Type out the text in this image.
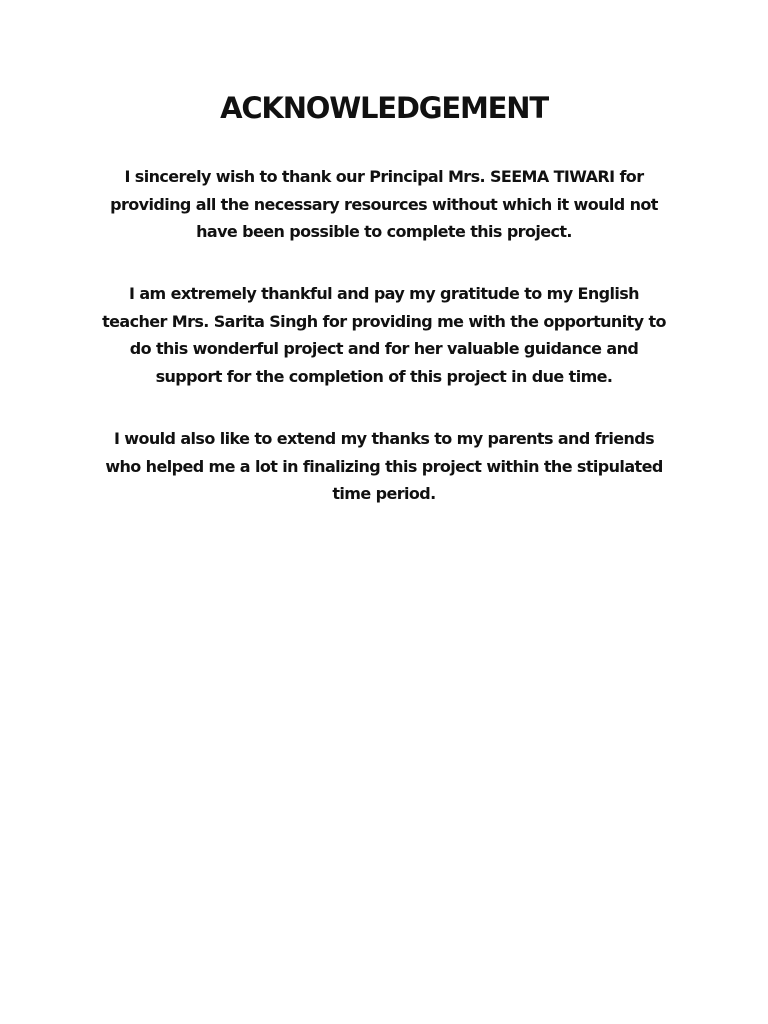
ACKNOWLEDGEMENT

I sincerely wish to thank our Principal Mrs. SEEMA TIWARI for providing all the necessary resources without which it would not have been possible to complete this project.

I am extremely thankful and pay my gratitude to my English teacher Mrs. Sarita Singh for providing me with the opportunity to do this wonderful project and for her valuable guidance and support for the completion of this project in due time.

I would also like to extend my thanks to my parents and friends who helped me a lot in finalizing this project within the stipulated time period.
